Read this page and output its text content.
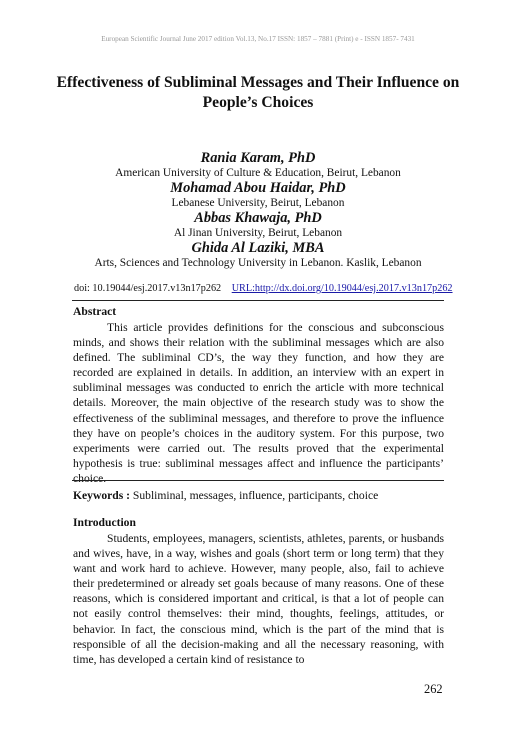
European Scientific Journal June 2017 edition Vol.13, No.17 ISSN: 1857 – 7881 (Print) e - ISSN 1857- 7431
Effectiveness of Subliminal Messages and Their Influence on People’s Choices
Rania Karam, PhD
American University of Culture & Education, Beirut, Lebanon
Mohamad Abou Haidar, PhD
Lebanese University, Beirut, Lebanon
Abbas Khawaja, PhD
Al Jinan University, Beirut, Lebanon
Ghida Al Laziki, MBA
Arts, Sciences and Technology University in Lebanon. Kaslik, Lebanon
doi: 10.19044/esj.2017.v13n17p262 URL:http://dx.doi.org/10.19044/esj.2017.v13n17p262
Abstract

This article provides definitions for the conscious and subconscious minds, and shows their relation with the subliminal messages which are also defined. The subliminal CD’s, the way they function, and how they are recorded are explained in details. In addition, an interview with an expert in subliminal messages was conducted to enrich the article with more technical details. Moreover, the main objective of the research study was to show the effectiveness of the subliminal messages, and therefore to prove the influence they have on people’s choices in the auditory system. For this purpose, two experiments were carried out. The results proved that the experimental hypothesis is true: subliminal messages affect and influence the participants’ choice.

Keywords : Subliminal, messages, influence, participants, choice
Introduction

Students, employees, managers, scientists, athletes, parents, or husbands and wives, have, in a way, wishes and goals (short term or long term) that they want and work hard to achieve. However, many people, also, fail to achieve their predetermined or already set goals because of many reasons. One of these reasons, which is considered important and critical, is that a lot of people can not easily control themselves: their mind, thoughts, feelings, attitudes, or behavior. In fact, the conscious mind, which is the part of the mind that is responsible of all the decision-making and all the necessary reasoning, with time, has developed a certain kind of resistance to

262
